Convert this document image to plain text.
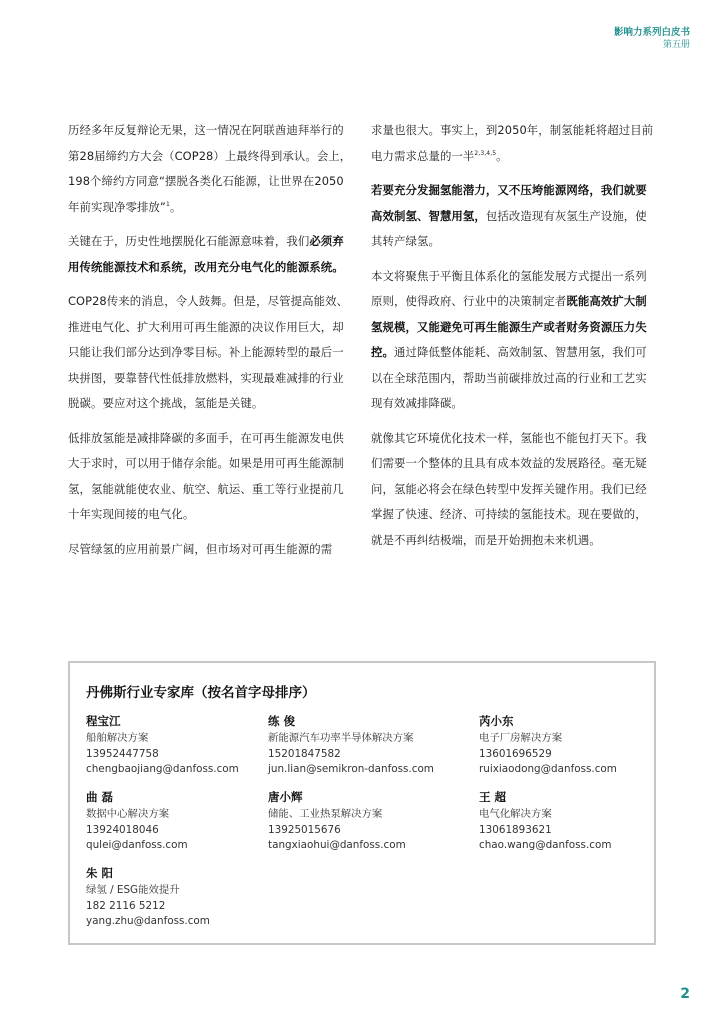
影响力系列白皮书
第五册

历经多年反复辩论无果，这一情况在阿联酋迪拜举行的第28届缔约方大会（COP28）上最终得到承认。会上，198个缔约方同意“摆脱各类化石能源，让世界在2050年前实现净零排放”$^1$。

关键在于，历史性地摆脱化石能源意味着，我们必须弃用传统能源技术和系统，改用充分电气化的能源系统。

COP28传来的消息，令人鼓舞。但是，尽管提高能效、推进电气化、扩大利用可再生能源的决议作用巨大，却只能让我们部分达到净零目标。补上能源转型的最后一块拼图，要靠替代性低排放燃料，实现最难减排的行业脱碳。要应对这个挑战，氢能是关键。

低排放氢能是减排降碳的多面手，在可再生能源发电供大于求时，可以用于储存余能。如果是用可再生能源制氢，氢能就能使农业、航空、航运、重工等行业提前几十年实现间接的电气化。

尽管绿氢的应用前景广阔，但市场对可再生能源的需

求量也很大。事实上，到2050年，制氢能耗将超过目前电力需求总量的一半$^{2,3,4,5}$。

若要充分发掘氢能潜力，又不压垮能源网络，我们就要高效制氢、智慧用氢，包括改造现有灰氢生产设施，使其转产绿氢。

本文将聚焦于平衡且体系化的氢能发展方式提出一系列原则，使得政府、行业中的决策制定者既能高效扩大制氢规模，又能避免可再生能源生产或者财务资源压力失控。通过降低整体能耗、高效制氢、智慧用氢，我们可以在全球范围内，帮助当前碳排放过高的行业和工艺实现有效减排降碳。

就像其它环境优化技术一样，氢能也不能包打天下。我们需要一个整体的且具有成本效益的发展路径。毫无疑问，氢能必将会在绿色转型中发挥关键作用。我们已经掌握了快速、经济、可持续的氢能技术。现在要做的，就是不再纠结极端，而是开始拥抱未来机遇。

丹佛斯行业专家库（按名首字母排序）
程宝江
船舶解决方案
13952447758
chengbaojiang@danfoss.com
练 俊
新能源汽车功率半导体解决方案
15201847582
jun.lian@semikron-danfoss.com
芮小东
电子厂房解决方案
13601696529
ruixiaodong@danfoss.com
曲 磊
数据中心解决方案
13924018046
qulei@danfoss.com
唐小辉
储能、工业热泵解决方案
13925015676
tangxiaohui@danfoss.com
王 超
电气化解决方案
13061893621
chao.wang@danfoss.com
朱 阳
绿氢 / ESG能效提升
182 2116 5212
yang.zhu@danfoss.com
2
